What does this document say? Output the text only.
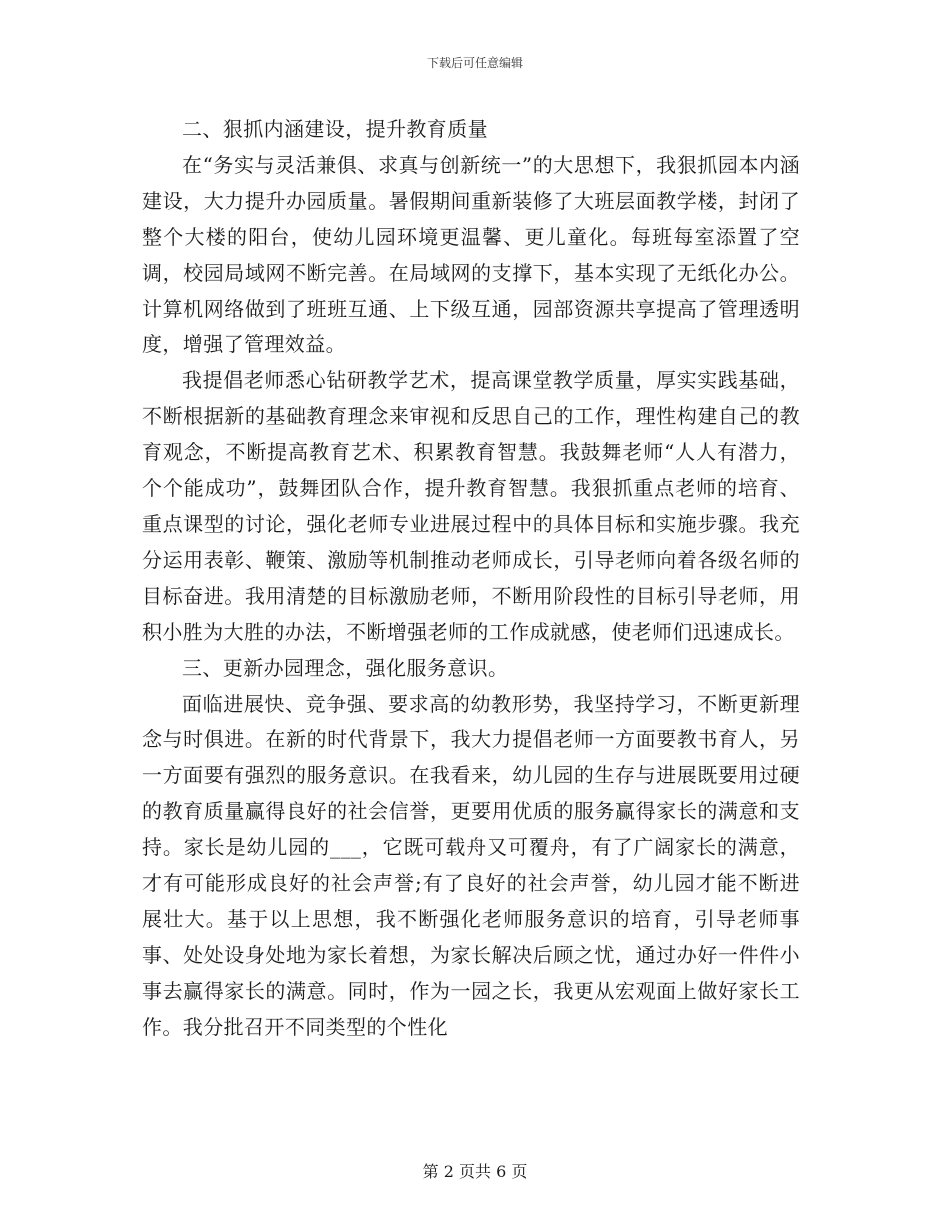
下载后可任意编辑

二、狠抓内涵建设，提升教育质量

在“务实与灵活兼俱、求真与创新统一”的大思想下，我狠抓园本内涵建设，大力提升办园质量。暑假期间重新装修了大班层面教学楼，封闭了整个大楼的阳台，使幼儿园环境更温馨、更儿童化。每班每室添置了空调，校园局域网不断完善。在局域网的支撑下，基本实现了无纸化办公。计算机网络做到了班班互通、上下级互通，园部资源共享提高了管理透明度，增强了管理效益。

我提倡老师悉心钻研教学艺术，提高课堂教学质量，厚实实践基础，不断根据新的基础教育理念来审视和反思自己的工作，理性构建自己的教育观念，不断提高教育艺术、积累教育智慧。我鼓舞老师“人人有潜力，个个能成功”，鼓舞团队合作，提升教育智慧。我狠抓重点老师的培育、重点课型的讨论，强化老师专业进展过程中的具体目标和实施步骤。我充分运用表彰、鞭策、激励等机制推动老师成长，引导老师向着各级名师的目标奋进。我用清楚的目标激励老师，不断用阶段性的目标引导老师，用积小胜为大胜的办法，不断增强老师的工作成就感，使老师们迅速成长。

三、更新办园理念，强化服务意识。

面临进展快、竞争强、要求高的幼教形势，我坚持学习，不断更新理念与时俱进。在新的时代背景下，我大力提倡老师一方面要教书育人，另一方面要有强烈的服务意识。在我看来，幼儿园的生存与进展既要用过硬的教育质量赢得良好的社会信誉，更要用优质的服务赢得家长的满意和支持。家长是幼儿园的___，它既可载舟又可覆舟，有了广阔家长的满意，才有可能形成良好的社会声誉;有了良好的社会声誉，幼儿园才能不断进展壮大。基于以上思想，我不断强化老师服务意识的培育，引导老师事事、处处设身处地为家长着想，为家长解决后顾之忧，通过办好一件件小事去赢得家长的满意。同时，作为一园之长，我更从宏观面上做好家长工作。我分批召开不同类型的个性化

第 2 页共 6 页
